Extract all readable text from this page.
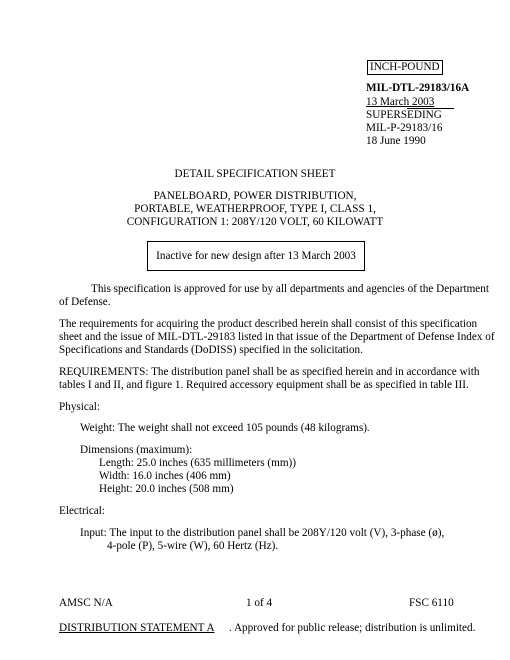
INCH-POUND
MIL-DTL-29183/16A
13 March 2003
SUPERSEDING
MIL-P-29183/16
18 June 1990
DETAIL SPECIFICATION SHEET
PANELBOARD, POWER DISTRIBUTION,
PORTABLE, WEATHERPROOF, TYPE I, CLASS 1,
CONFIGURATION 1: 208Y/120 VOLT, 60 KILOWATT
Inactive for new design after 13 March 2003
This specification is approved for use by all departments and agencies of the Department
of Defense.
The requirements for acquiring the product described herein shall consist of this specification
sheet and the issue of MIL-DTL-29183 listed in that issue of the Department of Defense Index of
Specifications and Standards (DoDISS) specified in the solicitation.
REQUIREMENTS: The distribution panel shall be as specified herein and in accordance with
tables I and II, and figure 1. Required accessory equipment shall be as specified in table III.
Physical:
Weight: The weight shall not exceed 105 pounds (48 kilograms).
Dimensions (maximum):
Length: 25.0 inches (635 millimeters (mm))
Width: 16.0 inches (406 mm)
Height: 20.0 inches (508 mm)
Electrical:
Input: The input to the distribution panel shall be 208Y/120 volt (V), 3-phase (ø),
4-pole (P), 5-wire (W), 60 Hertz (Hz).
AMSC N/A	1 of 4	FSC 6110
DISTRIBUTION STATEMENT A . Approved for public release; distribution is unlimited.
